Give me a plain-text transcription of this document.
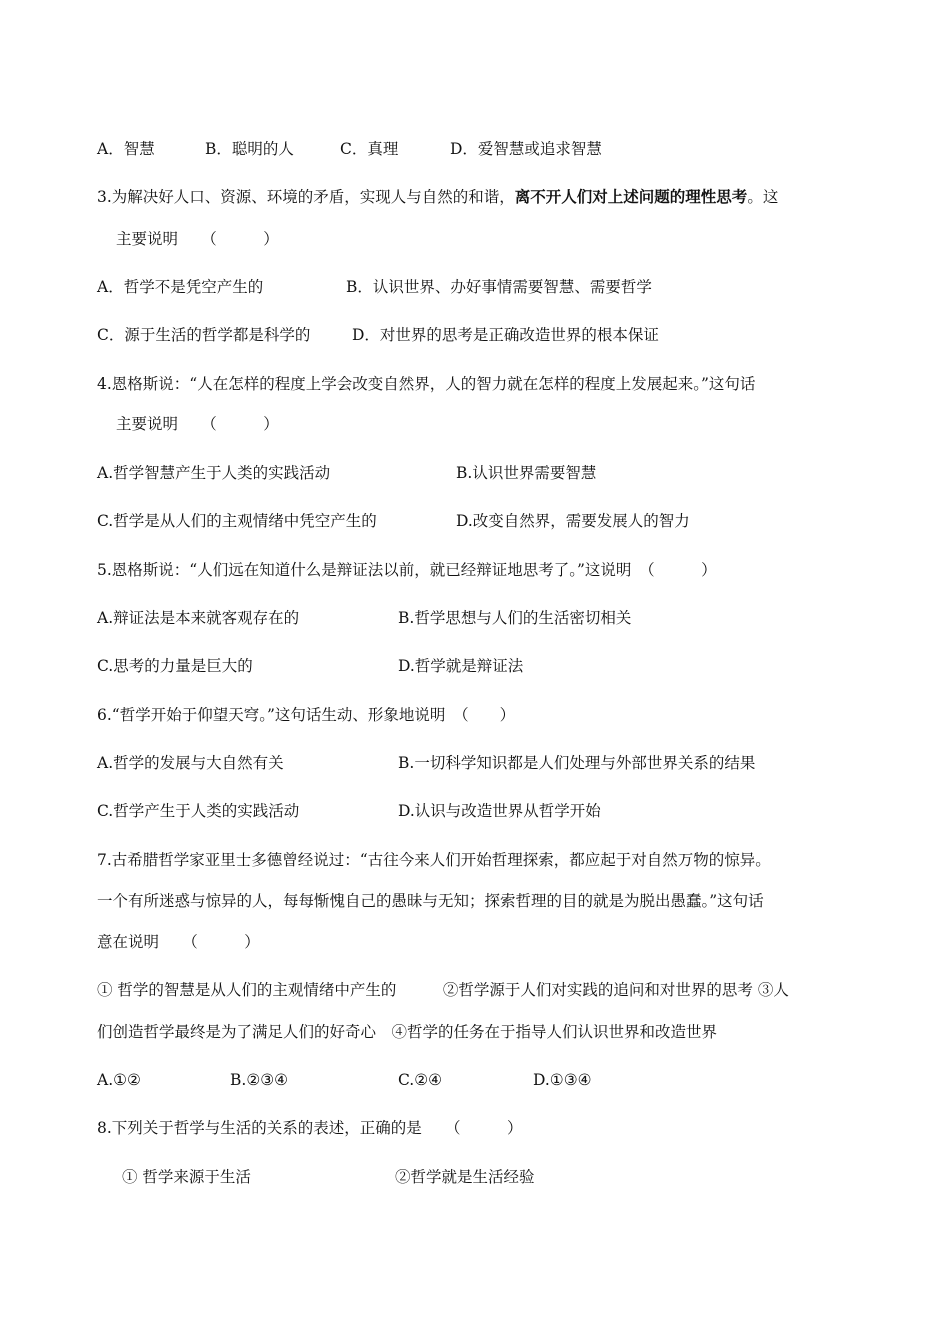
A．智慧	B．聪明的人	C．真理	D．爱智慧或追求智慧
3.为解决好人口、资源、环境的矛盾，实现人与自然的和谐，离不开人们对上述问题的理性思考。这
主要说明　　（　　　）
A．哲学不是凭空产生的	B．认识世界、办好事情需要智慧、需要哲学
C．源于生活的哲学都是科学的	D．对世界的思考是正确改造世界的根本保证
4.恩格斯说：“人在怎样的程度上学会改变自然界，人的智力就在怎样的程度上发展起来。”这句话
主要说明　　（　　　）
A.哲学智慧产生于人类的实践活动	B.认识世界需要智慧
C.哲学是从人们的主观情绪中凭空产生的	D.改变自然界，需要发展人的智力
5.恩格斯说：“人们远在知道什么是辩证法以前，就已经辩证地思考了。”这说明　（　　　）
A.辩证法是本来就客观存在的	B.哲学思想与人们的生活密切相关
C.思考的力量是巨大的	D.哲学就是辩证法
6.“哲学开始于仰望天穹。”这句话生动、形象地说明　（　　）
A.哲学的发展与大自然有关	B.一切科学知识都是人们处理与外部世界关系的结果
C.哲学产生于人类的实践活动	D.认识与改造世界从哲学开始
7.古希腊哲学家亚里士多德曾经说过：“古往今来人们开始哲理探索，都应起于对自然万物的惊异。
一个有所迷惑与惊异的人，每每惭愧自己的愚昧与无知；探索哲理的目的就是为脱出愚蠢。”这句话
意在说明　　（　　　）
① 哲学的智慧是从人们的主观情绪中产生的　　　②哲学源于人们对实践的追问和对世界的思考 ③人
们创造哲学最终是为了满足人们的好奇心　④哲学的任务在于指导人们认识世界和改造世界
A.①②	B.②③④	C.②④	D.①③④
8.下列关于哲学与生活的关系的表述，正确的是　　（　　　）
① 哲学来源于生活	②哲学就是生活经验
